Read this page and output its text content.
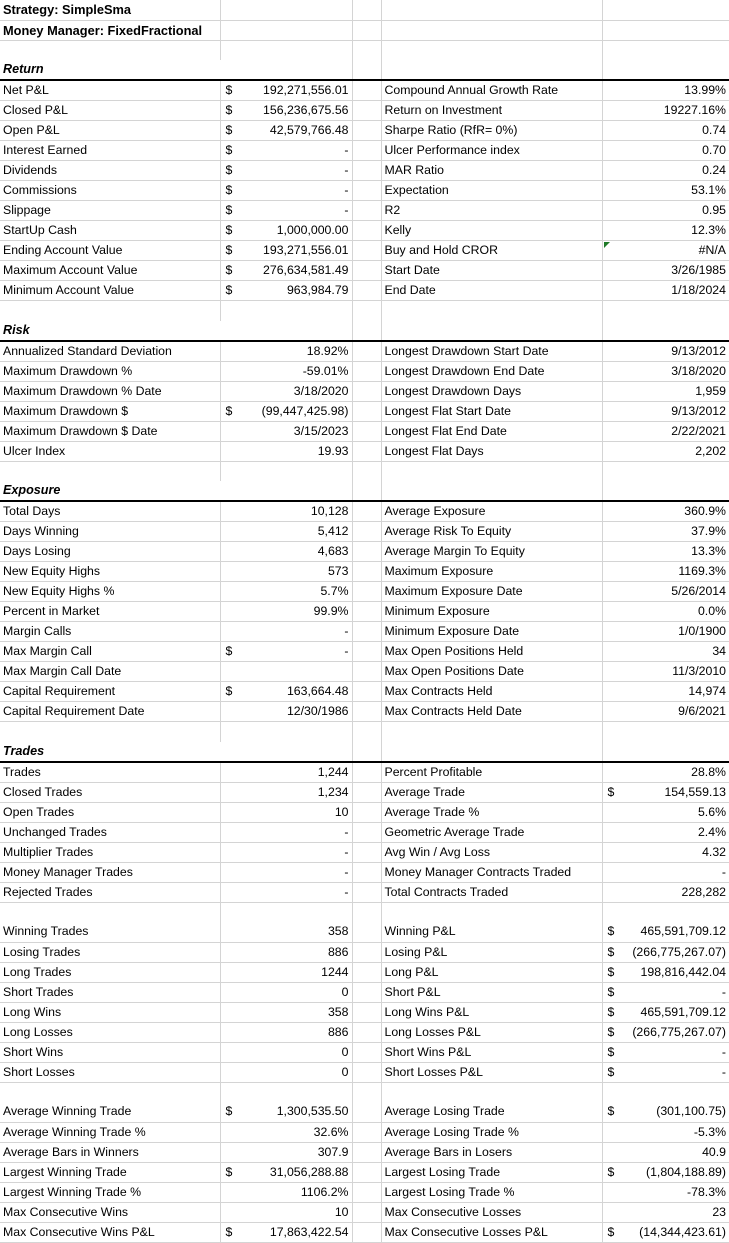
Strategy: SimpleSma				
Money Manager: FixedFractional				

Return				
Net P&L	$ 192,271,556.01		Compound Annual Growth Rate	13.99%
Closed P&L	$ 156,236,675.56		Return on Investment	19227.16%
Open P&L	$ 42,579,766.48		Sharpe Ratio (RfR= 0%)	0.74
Interest Earned	$ -		Ulcer Performance index	0.70
Dividends	$ -		MAR Ratio	0.24
Commissions	$ -		Expectation	53.1%
Slippage	$ -		R2	0.95
StartUp Cash	$ 1,000,000.00		Kelly	12.3%
Ending Account Value	$ 193,271,556.01		Buy and Hold CROR	#N/A
Maximum Account Value	$ 276,634,581.49		Start Date	3/26/1985
Minimum Account Value	$ 963,984.79		End Date	1/18/2024

Risk				
Annualized Standard Deviation	18.92%		Longest Drawdown Start Date	9/13/2012
Maximum Drawdown %	-59.01%		Longest Drawdown End Date	3/18/2020
Maximum Drawdown % Date	3/18/2020		Longest Drawdown Days	1,959
Maximum Drawdown $	$ (99,447,425.98)		Longest Flat Start Date	9/13/2012
Maximum Drawdown $ Date	3/15/2023		Longest Flat End Date	2/22/2021
Ulcer Index	19.93		Longest Flat Days	2,202

Exposure				
Total Days	10,128		Average Exposure	360.9%
Days Winning	5,412		Average Risk To Equity	37.9%
Days Losing	4,683		Average Margin To Equity	13.3%
New Equity Highs	573		Maximum Exposure	1169.3%
New Equity Highs %	5.7%		Maximum Exposure Date	5/26/2014
Percent in Market	99.9%		Minimum Exposure	0.0%
Margin Calls	-		Minimum Exposure Date	1/0/1900
Max Margin Call	$ -		Max Open Positions Held	34
Max Margin Call Date			Max Open Positions Date	11/3/2010
Capital Requirement	$ 163,664.48		Max Contracts Held	14,974
Capital Requirement Date	12/30/1986		Max Contracts Held Date	9/6/2021

Trades				
Trades	1,244		Percent Profitable	28.8%
Closed Trades	1,234		Average Trade	$ 154,559.13
Open Trades	10		Average Trade %	5.6%
Unchanged Trades	-		Geometric Average Trade	2.4%
Multiplier Trades	-		Avg Win / Avg Loss	4.32
Money Manager Trades	-		Money Manager Contracts Traded	-
Rejected Trades	-		Total Contracts Traded	228,282

Winning Trades	358		Winning P&L	$ 465,591,709.12
Losing Trades	886		Losing P&L	$ (266,775,267.07)
Long Trades	1244		Long P&L	$ 198,816,442.04
Short Trades	0		Short P&L	$ -
Long Wins	358		Long Wins P&L	$ 465,591,709.12
Long Losses	886		Long Losses P&L	$ (266,775,267.07)
Short Wins	0		Short Wins P&L	$ -
Short Losses	0		Short Losses P&L	$ -

Average Winning Trade	$ 1,300,535.50		Average Losing Trade	$ (301,100.75)
Average Winning Trade %	32.6%		Average Losing Trade %	-5.3%
Average Bars in Winners	307.9		Average Bars in Losers	40.9
Largest Winning Trade	$ 31,056,288.88		Largest Losing Trade	$ (1,804,188.89)
Largest Winning Trade %	1106.2%		Largest Losing Trade %	-78.3%
Max Consecutive Wins	10		Max Consecutive Losses	23
Max Consecutive Wins P&L	$ 17,863,422.54		Max Consecutive Losses P&L	$ (14,344,423.61)
